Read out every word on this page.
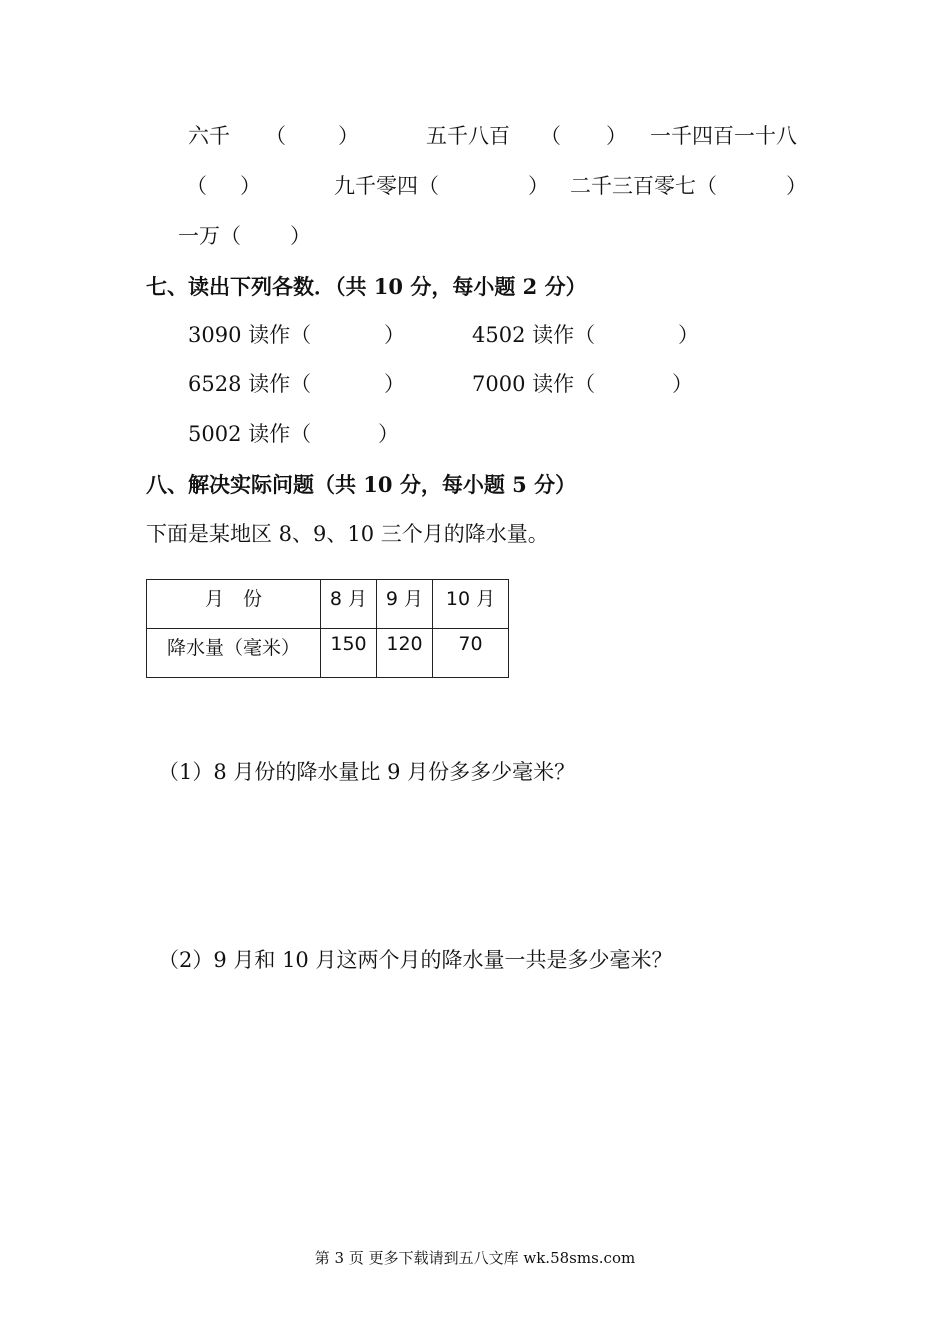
六千 （ ）	五千八百 （ ） 一千四百一十八
（ ）	九千零四（	） 二千三百零七（	）
一万（ ）
七、读出下列各数．（共 10 分，每小题 2 分）
3090 读作（	）	4502 读作（	）
6528 读作（	）	7000 读作（	）
5002 读作（	）
八、解决实际问题（共 10 分，每小题 5 分）
下面是某地区 8、9、10 三个月的降水量。
月　份	8 月	9 月	10 月

降水量（毫米）	150	120	70
（1）8 月份的降水量比 9 月份多多少毫米？
（2）9 月和 10 月这两个月的降水量一共是多少毫米？
第 3 页 更多下载请到五八文库 wk.58sms.com
